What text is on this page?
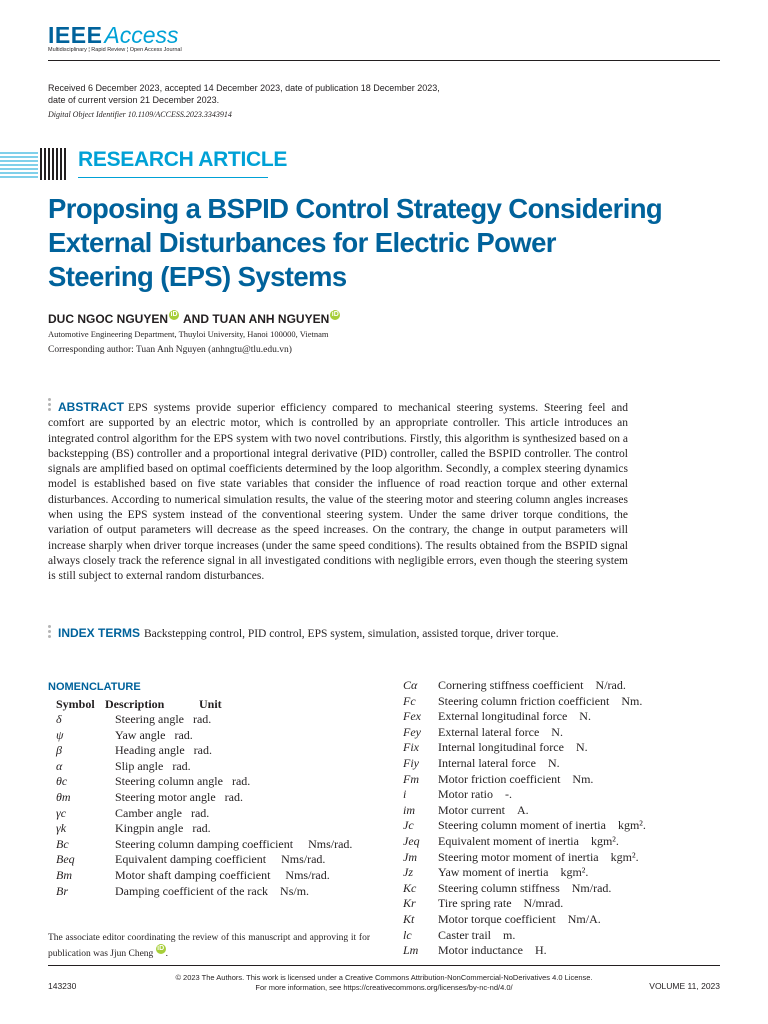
IEEE Access
Multidisciplinary ¦ Rapid Review ¦ Open Access Journal
Received 6 December 2023, accepted 14 December 2023, date of publication 18 December 2023,
date of current version 21 December 2023.
Digital Object Identifier 10.1109/ACCESS.2023.3343914
RESEARCH ARTICLE
Proposing a BSPID Control Strategy Considering External Disturbances for Electric Power Steering (EPS) Systems
DUC NGOC NGUYEN iD AND TUAN ANH NGUYEN iD
Automotive Engineering Department, Thuyloi University, Hanoi 100000, Vietnam
Corresponding author: Tuan Anh Nguyen (anhngtu@tlu.edu.vn)
ABSTRACT EPS systems provide superior efficiency compared to mechanical steering systems. Steering feel and comfort are supported by an electric motor, which is controlled by an appropriate controller. This article introduces an integrated control algorithm for the EPS system with two novel contributions. Firstly, this algorithm is synthesized based on a backstepping (BS) controller and a proportional integral derivative (PID) controller, called the BSPID controller. The control signals are amplified based on optimal coefficients determined by the loop algorithm. Secondly, a complex steering dynamics model is established based on five state variables that consider the influence of road reaction torque and other external disturbances. According to numerical simulation results, the value of the steering motor and steering column angles increases when using the EPS system instead of the conventional steering system. Under the same driver torque conditions, the variation of output parameters will decrease as the speed increases. On the contrary, the change in output parameters will increase sharply when driver torque increases (under the same speed conditions). The results obtained from the BSPID signal always closely track the reference signal in all investigated conditions with negligible errors, even though the steering system is still subject to external random disturbances.
INDEX TERMS Backstepping control, PID control, EPS system, simulation, assisted torque, driver torque.
NOMENCLATURE
Symbol Description	Unit
δ	Steering angle rad.
ψ	Yaw angle rad.
β	Heading angle rad.
α	Slip angle rad.
θc	Steering column angle rad.
θm	Steering motor angle rad.
γc	Camber angle rad.
γk	Kingpin angle rad.
Bc	Steering column damping coefficient Nms/rad.
Beq	Equivalent damping coefficient Nms/rad.
Bm	Motor shaft damping coefficient Nms/rad.
Br	Damping coefficient of the rack Ns/m.
Cα Cornering stiffness coefficient N/rad.
Fc Steering column friction coefficient Nm.
Fex External longitudinal force N.
Fey External lateral force N.
Fix Internal longitudinal force N.
Fiy Internal lateral force N.
Fm Motor friction coefficient Nm.
i	Motor ratio -.
im Motor current A.
Jc Steering column moment of inertia kgm².
Jeq Equivalent moment of inertia kgm².
Jm Steering motor moment of inertia kgm².
Jz Yaw moment of inertia kgm².
Kc Steering column stiffness Nm/rad.
Kr Tire spring rate N/mrad.
Kt Motor torque coefficient Nm/A.
lc Caster trail m.
Lm Motor inductance H.
The associate editor coordinating the review of this manuscript and approving it for publication was Jjun Cheng iD.
© 2023 The Authors. This work is licensed under a Creative Commons Attribution-NonCommercial-NoDerivatives 4.0 License.
For more information, see https://creativecommons.org/licenses/by-nc-nd/4.0/
143230	VOLUME 11, 2023
